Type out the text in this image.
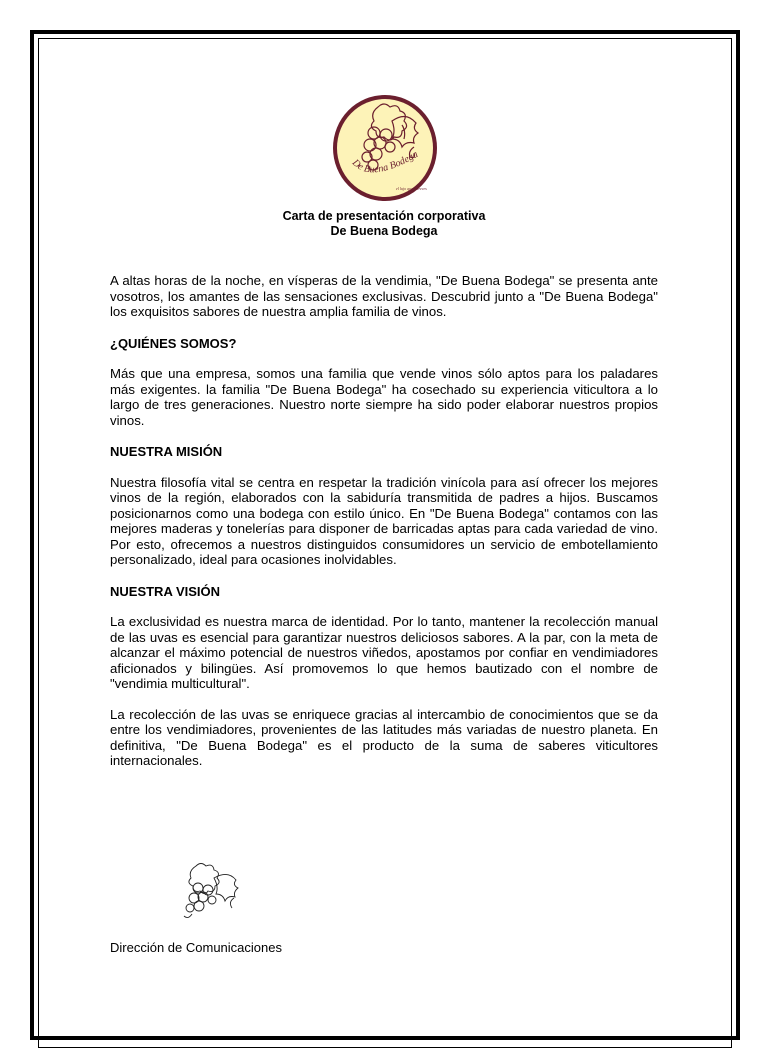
De Buena Bodega
el lujo que mereces
Carta de presentación corporativa
De Buena Bodega

A altas horas de la noche, en vísperas de la vendimia, "De Buena Bodega" se presenta ante vosotros, los amantes de las sensaciones exclusivas. Descubrid junto a "De Buena Bodega" los exquisitos sabores de nuestra amplia familia de vinos.

¿QUIÉNES SOMOS?

Más que una empresa, somos una familia que vende vinos sólo aptos para los paladares más exigentes. la familia "De Buena Bodega" ha cosechado su experiencia viticultora a lo largo de tres generaciones. Nuestro norte siempre ha sido poder elaborar nuestros propios vinos.

NUESTRA MISIÓN

Nuestra filosofía vital se centra en respetar la tradición vinícola para así ofrecer los mejores vinos de la región, elaborados con la sabiduría transmitida de padres a hijos. Buscamos posicionarnos como una bodega con estilo único. En "De Buena Bodega" contamos con las mejores maderas y tonelerías para disponer de barricadas aptas para cada variedad de vino. Por esto, ofrecemos a nuestros distinguidos consumidores un servicio de embotellamiento personalizado, ideal para ocasiones inolvidables.

NUESTRA VISIÓN

La exclusividad es nuestra marca de identidad. Por lo tanto, mantener la recolección manual de las uvas es esencial para garantizar nuestros deliciosos sabores. A la par, con la meta de alcanzar el máximo potencial de nuestros viñedos, apostamos por confiar en vendimiadores aficionados y bilingües. Así promovemos lo que hemos bautizado con el nombre de "vendimia multicultural".

La recolección de las uvas se enriquece gracias al intercambio de conocimientos que se da entre los vendimiadores, provenientes de las latitudes más variadas de nuestro planeta. En definitiva, "De Buena Bodega" es el producto de la suma de saberes viticultores internacionales.

Dirección de Comunicaciones
